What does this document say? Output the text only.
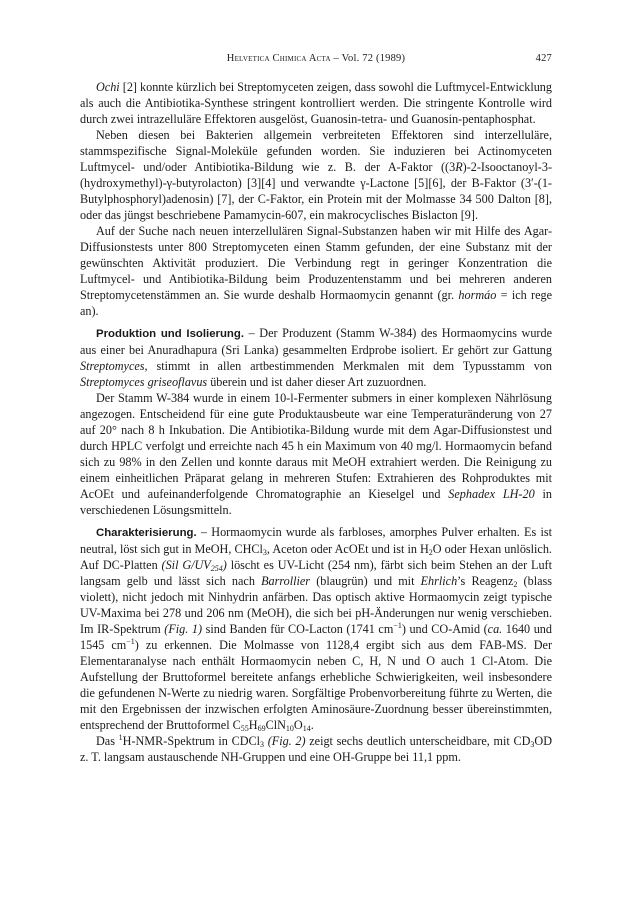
Helvetica Chimica Acta – Vol. 72 (1989)	427

Ochi [2] konnte kürzlich bei Streptomyceten zeigen, dass sowohl die Luftmycel-Entwicklung als auch die Antibiotika-Synthese stringent kontrolliert werden. Die stringente Kontrolle wird durch zwei intrazelluläre Effektoren ausgelöst, Guanosin-tetra- und Guanosin-pentaphosphat.

Neben diesen bei Bakterien allgemein verbreiteten Effektoren sind interzelluläre, stammspezifische Signal-Moleküle gefunden worden. Sie induzieren bei Actinomyceten Luftmycel- und/oder Antibiotika-Bildung wie z. B. der A-Faktor ((3R)-2-Isooctanoyl-3-(hydroxymethyl)-γ-butyrolacton) [3][4] und verwandte γ-Lactone [5][6], der B-Faktor (3′-(1-Butylphosphoryl)adenosin) [7], der C-Faktor, ein Protein mit der Molmasse 34 500 Dalton [8], oder das jüngst beschriebene Pamamycin-607, ein makrocyclisches Bislacton [9].

Auf der Suche nach neuen interzellulären Signal-Substanzen haben wir mit Hilfe des Agar-Diffusionstests unter 800 Streptomyceten einen Stamm gefunden, der eine Substanz mit der gewünschten Aktivität produziert. Die Verbindung regt in geringer Konzentration die Luftmycel- und Antibiotika-Bildung beim Produzentenstamm und bei mehreren anderen Streptomycetenstämmen an. Sie wurde deshalb Hormaomycin genannt (gr. hormáo = ich rege an).

Produktion und Isolierung. – Der Produzent (Stamm W-384) des Hormaomycins wurde aus einer bei Anuradhapura (Sri Lanka) gesammelten Erdprobe isoliert. Er gehört zur Gattung Streptomyces, stimmt in allen artbestimmenden Merkmalen mit dem Typusstamm von Streptomyces griseoflavus überein und ist daher dieser Art zuzuordnen.

Der Stamm W-384 wurde in einem 10-l-Fermenter submers in einer komplexen Nährlösung angezogen. Entscheidend für eine gute Produktausbeute war eine Temperaturänderung von 27 auf 20° nach 8 h Inkubation. Die Antibiotika-Bildung wurde mit dem Agar-Diffusionstest und durch HPLC verfolgt und erreichte nach 45 h ein Maximum von 40 mg/l. Hormaomycin befand sich zu 98% in den Zellen und konnte daraus mit MeOH extrahiert werden. Die Reinigung zu einem einheitlichen Präparat gelang in mehreren Stufen: Extrahieren des Rohproduktes mit AcOEt und aufeinanderfolgende Chromatographie an Kieselgel und Sephadex LH-20 in verschiedenen Lösungsmitteln.

Charakterisierung. – Hormaomycin wurde als farbloses, amorphes Pulver erhalten. Es ist neutral, löst sich gut in MeOH, CHCl$_3$, Aceton oder AcOEt und ist in $H_2O$ oder Hexan unlöslich. Auf DC-Platten (Sil $G/UV_{254}$) löscht es UV-Licht (254 nm), färbt sich beim Stehen an der Luft langsam gelb und lässt sich nach Barrollier (blaugrün) und mit Ehrlich’s Reagenz$_2$ (blass violett), nicht jedoch mit Ninhydrin anfärben. Das optisch aktive Hormaomycin zeigt typische UV-Maxima bei 278 und 206 nm (MeOH), die sich bei pH-Änderungen nur wenig verschieben. Im IR-Spektrum (Fig. 1) sind Banden für CO-Lacton (1741 $cm^{-1}$) und CO-Amid (ca. 1640 und 1545 $cm^{-1}$) zu erkennen. Die Molmasse von 1128,4 ergibt sich aus dem FAB-MS. Der Elementaranalyse nach enthält Hormaomycin neben C, H, N und O auch 1 Cl-Atom. Die Aufstellung der Bruttoformel bereitete anfangs erhebliche Schwierigkeiten, weil insbesondere die gefundenen N-Werte zu niedrig waren. Sorgfältige Probenvorbereitung führte zu Werten, die mit den Ergebnissen der inzwischen erfolgten Aminosäure-Zuordnung besser übereinstimmten, entsprechend der Bruttoformel $C_{55}H_{69}ClN_{10}O_{14}$.

Das $^1$H-NMR-Spektrum in CDCl$_3$ (Fig. 2) zeigt sechs deutlich unterscheidbare, mit $CD_3OD$ z. T. langsam austauschende NH-Gruppen und eine OH-Gruppe bei 11,1 ppm.
